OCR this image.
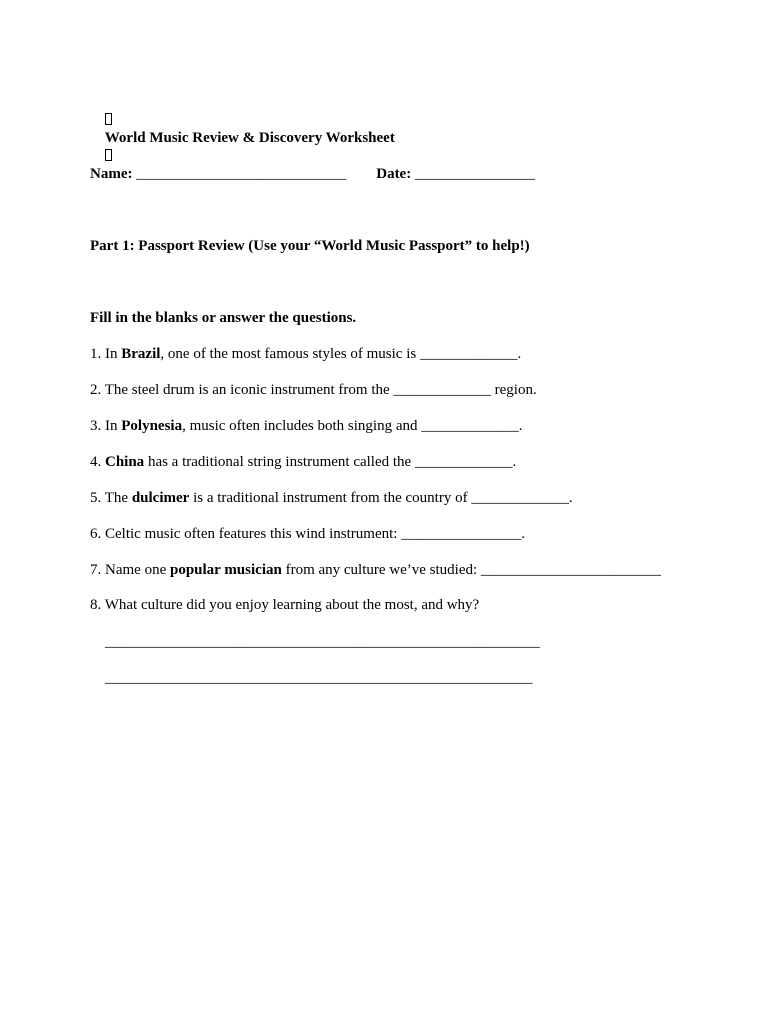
World Music Review & Discovery Worksheet

Name: ____________________________ Date: ________________
Part 1: Passport Review (Use your “World Music Passport” to help!)
Fill in the blanks or answer the questions.
1. In Brazil, one of the most famous styles of music is _____________.
2. The steel drum is an iconic instrument from the _____________ region.
3. In Polynesia, music often includes both singing and _____________.
4. China has a traditional string instrument called the _____________.
5. The dulcimer is a traditional instrument from the country of _____________.
6. Celtic music often features this wind instrument: ________________.
7. Name one popular musician from any culture we’ve studied: ________________________
8. What culture did you enjoy learning about the most, and why?
__________________________________________________________
_________________________________________________________
